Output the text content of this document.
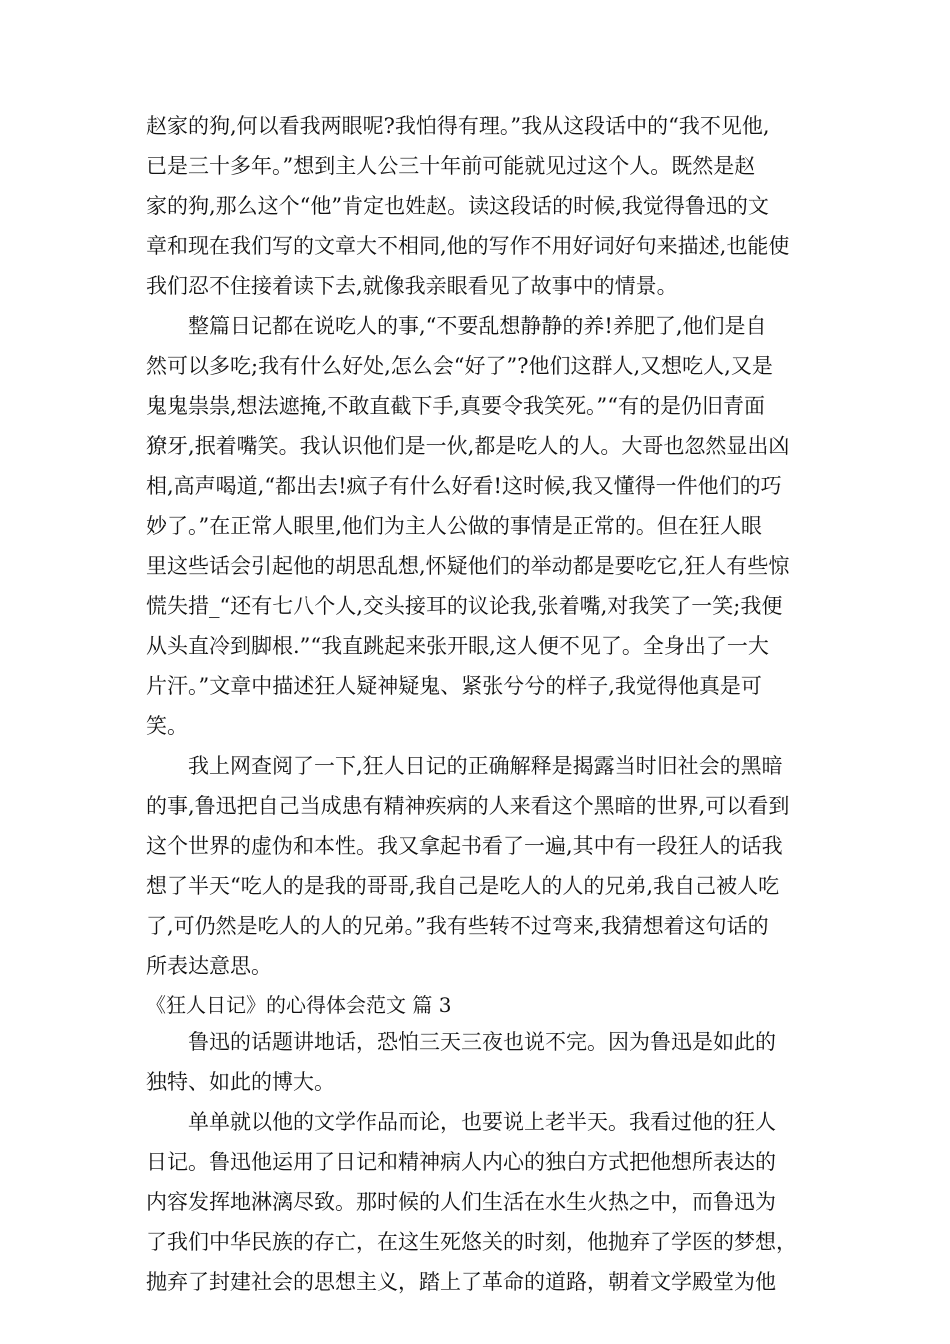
赵家的狗,何以看我两眼呢?我怕得有理。”我从这段话中的“我不见他,
已是三十多年。”想到主人公三十年前可能就见过这个人。既然是赵
家的狗,那么这个“他”肯定也姓赵。读这段话的时候,我觉得鲁迅的文
章和现在我们写的文章大不相同,他的写作不用好词好句来描述,也能使
我们忍不住接着读下去,就像我亲眼看见了故事中的情景。
整篇日记都在说吃人的事,“不要乱想静静的养!养肥了,他们是自
然可以多吃;我有什么好处,怎么会“好了”?他们这群人,又想吃人,又是
鬼鬼祟祟,想法遮掩,不敢直截下手,真要令我笑死。”“有的是仍旧青面
獠牙,抿着嘴笑。我认识他们是一伙,都是吃人的人。大哥也忽然显出凶
相,高声喝道,“都出去!疯子有什么好看!这时候,我又懂得一件他们的巧
妙了。”在正常人眼里,他们为主人公做的事情是正常的。但在狂人眼
里这些话会引起他的胡思乱想,怀疑他们的举动都是要吃它,狂人有些惊
慌失措_“还有七八个人,交头接耳的议论我,张着嘴,对我笑了一笑;我便
从头直冷到脚根.”“我直跳起来张开眼,这人便不见了。全身出了一大
片汗。”文章中描述狂人疑神疑鬼、紧张兮兮的样子,我觉得他真是可
笑。
我上网查阅了一下,狂人日记的正确解释是揭露当时旧社会的黑暗
的事,鲁迅把自己当成患有精神疾病的人来看这个黑暗的世界,可以看到
这个世界的虚伪和本性。我又拿起书看了一遍,其中有一段狂人的话我
想了半天“吃人的是我的哥哥,我自己是吃人的人的兄弟,我自己被人吃
了,可仍然是吃人的人的兄弟。”我有些转不过弯来,我猜想着这句话的
所表达意思。
《狂人日记》的心得体会范文 篇 3
鲁迅的话题讲地话，恐怕三天三夜也说不完。因为鲁迅是如此的
独特、如此的博大。
单单就以他的文学作品而论，也要说上老半天。我看过他的狂人
日记。鲁迅他运用了日记和精神病人内心的独白方式把他想所表达的
内容发挥地淋漓尽致。那时候的人们生活在水生火热之中，而鲁迅为
了我们中华民族的存亡，在这生死悠关的时刻，他抛弃了学医的梦想，
抛弃了封建社会的思想主义，踏上了革命的道路，朝着文学殿堂为他
